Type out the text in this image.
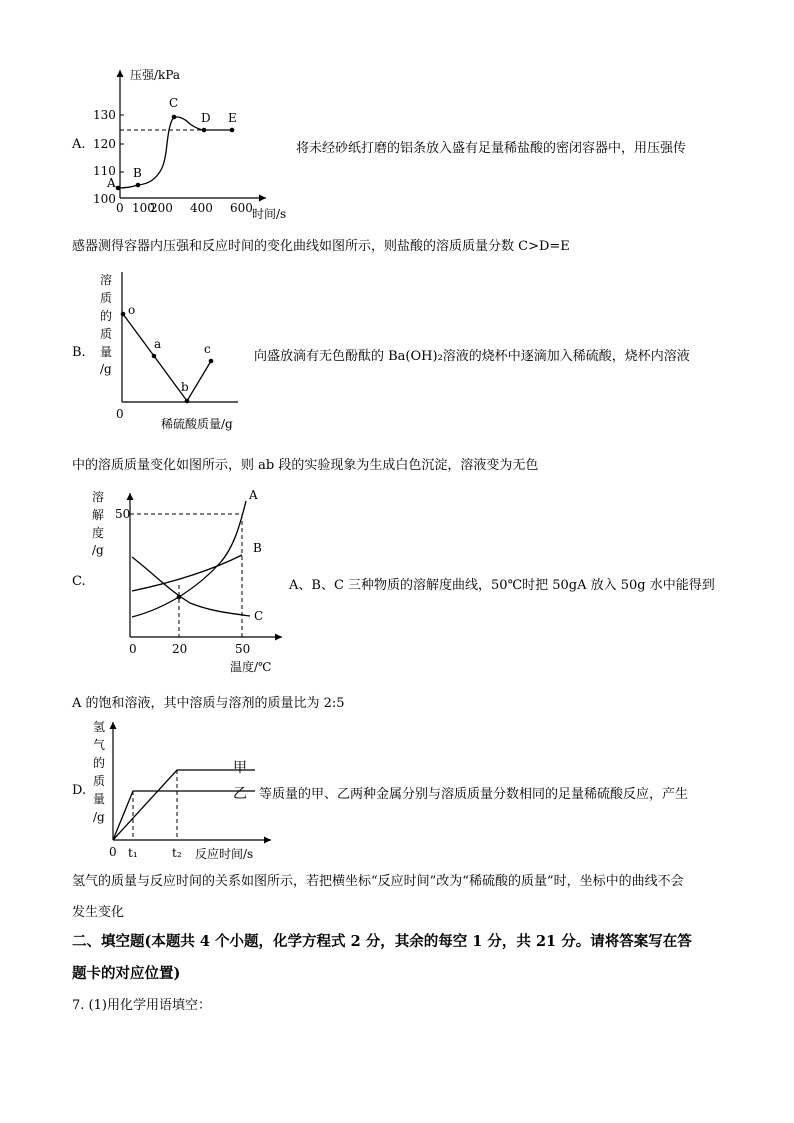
A.
压强/kPa
130
120
110
100
0 100
200 400 600 时间/s
A
B
C
D E
将未经砂纸打磨的铝条放入盛有足量稀盐酸的密闭容器中，用压强传
感器测得容器内压强和反应时间的变化曲线如图所示，则盐酸的溶质质量分数 C>D=E
B.
溶
质
的
质
量
/g
o
a
b
c
0
稀硫酸质量/g
向盛放滴有无色酚酞的 Ba(OH)₂溶液的烧杯中逐滴加入稀硫酸，烧杯内溶液
中的溶质质量变化如图所示，则 ab 段的实验现象为生成白色沉淀，溶液变为无色
C.
溶
解
度
/g
50
A
B
C
0	20	50
温度/℃
A、B、C 三种物质的溶解度曲线，50℃时把 50gA 放入 50g 水中能得到
A 的饱和溶液，其中溶质与溶剂的质量比为 2:5
D.
氢
气
的
质
量
/g
甲
乙
0 t₁	t₂ 反应时间/s
等质量的甲、乙两种金属分别与溶质质量分数相同的足量稀硫酸反应，产生
氢气的质量与反应时间的关系如图所示，若把横坐标“反应时间”改为“稀硫酸的质量”时，坐标中的曲线不会
发生变化
二、填空题(本题共 4 个小题，化学方程式 2 分，其余的每空 1 分，共 21 分。请将答案写在答
题卡的对应位置)
7. (1)用化学用语填空：
